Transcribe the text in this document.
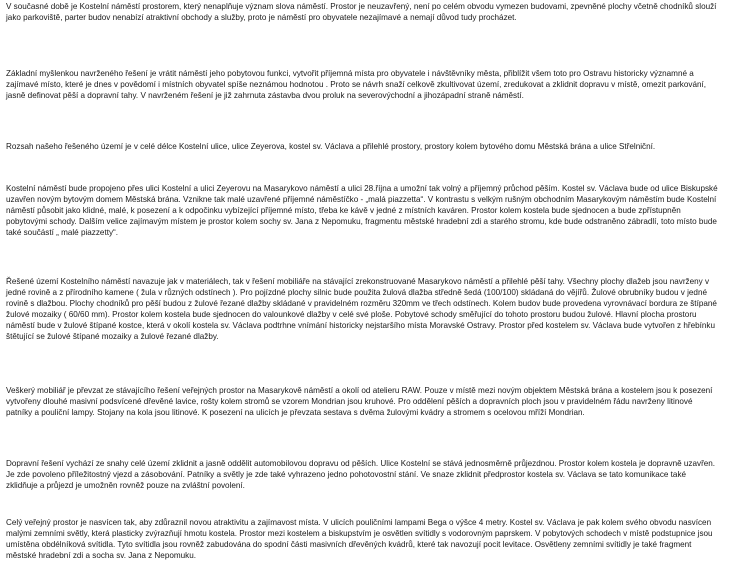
V současné době je Kostelní náměstí prostorem, který nenaplňuje význam slova náměstí. Prostor je neuzavřený, není po celém obvodu vymezen budovami, zpevněné plochy včetně chodníků slouží jako parkoviště, parter budov nenabízí atraktivní obchody a služby, proto je náměstí pro obyvatele nezajímavé a nemají důvod tudy procházet.

Základní myšlenkou navrženého řešení je vrátit náměstí jeho pobytovou funkci, vytvořit příjemná místa pro obyvatele i návštěvníky města, přiblížit všem toto pro Ostravu historicky významné a zajímavé místo, které je dnes v povědomí i místních obyvatel spíše neznámou hodnotou . Proto se návrh snaží celkově zkultivovat území, zredukovat a zklidnit dopravu v místě, omezit parkování, jasně definovat pěší a dopravní tahy. V navrženém řešení je již zahrnuta zástavba dvou proluk na severovýchodní a jihozápadní straně náměstí.

Rozsah našeho řešeného území je v celé délce Kostelní ulice, ulice Zeyerova, kostel sv. Václava a přilehlé prostory, prostory kolem bytového domu Městská brána a ulice Střelniční.

Kostelní náměstí bude propojeno přes ulici Kostelní a ulici Zeyerovu na Masarykovo náměstí a ulici 28.října a umožní tak volný a příjemný průchod pěším. Kostel sv. Václava bude od ulice Biskupské uzavřen novým bytovým domem Městská brána. Vznikne tak malé uzavřené příjemné náměstíčko - „malá piazzetta“. V kontrastu s velkým rušným obchodním Masarykovým náměstím bude Kostelní náměstí působit jako klidné, malé, k posezení a k odpočinku vybízející příjemné místo, třeba ke kávě v jedné z místních kaváren. Prostor kolem kostela bude sjednocen a bude zpřístupněn pobytovými schody. Dalším velice zajímavým místem je prostor kolem sochy sv. Jana z Nepomuku, fragmentu městské hradební zdi a starého stromu, kde bude odstraněno zábradlí, toto místo bude také součástí „ malé piazzetty“.

Řešené území Kostelního náměstí navazuje jak v materiálech, tak v řešení mobiliáře na stávající zrekonstruované Masarykovo náměstí a přilehlé pěší tahy. Všechny plochy dlažeb jsou navrženy v jedné rovině a z přírodního kamene ( žula v různých odstínech ). Pro pojízdné plochy silnic bude použita žulová dlažba středně šedá (100/100) skládaná do vějířů. Žulové obrubníky budou v jedné rovině s dlažbou. Plochy chodníků pro pěší budou z žulové řezané dlažby skládané v pravidelném rozměru 320mm ve třech odstínech. Kolem budov bude provedena vyrovnávací bordura ze štípané žulové mozaiky ( 60/60 mm). Prostor kolem kostela bude sjednocen do valounkové dlažby v celé své ploše. Pobytové schody směřující do tohoto prostoru budou žulové. Hlavní plocha prostoru náměstí bude v žulové štípané kostce, která v okolí kostela sv. Václava podtrhne vnímání historicky nejstaršího místa Moravské Ostravy. Prostor před kostelem sv. Václava bude vytvořen z hřebínku štětující se žulové štípané mozaiky a žulové řezané dlažby.

Veškerý mobiliář je převzat ze stávajícího řešení veřejných prostor na Masarykově náměstí a okolí od atelieru RAW. Pouze v místě mezi novým objektem Městská brána a kostelem jsou k posezení vytvořeny dlouhé masivní podsvícené dřevěné lavice, rošty kolem stromů se vzorem Mondrian jsou kruhové. Pro oddělení pěších a dopravních ploch jsou v pravidelném řádu navrženy litinové patníky a pouliční lampy. Stojany na kola jsou litinové. K posezení na ulicích je převzata sestava s dvěma žulovými kvádry a stromem s ocelovou mříží Mondrian.

Dopravní řešení vychází ze snahy celé území zklidnit a jasně oddělit automobilovou dopravu od pěších. Ulice Kostelní se stává jednosměrně průjezdnou. Prostor kolem kostela je dopravně uzavřen. Je zde povoleno příležitostný vjezd a zásobování. Patníky a světly je zde také vyhrazeno jedno pohotovostní stání. Ve snaze zklidnit předprostor kostela sv. Václava se tato komunikace také zklidňuje a průjezd je umožněn rovněž pouze na zvláštní povolení.

Celý veřejný prostor je nasvícen tak, aby zdůraznil novou atraktivitu a zajímavost místa. V ulicích pouličními lampami Bega o výšce 4 metry. Kostel sv. Václava je pak kolem svého obvodu nasvícen malými zemními světly, která plasticky zvýrazňují hmotu kostela. Prostor mezi kostelem a biskupstvím je osvětlen svítidly s vodorovným paprskem. V pobytových schodech v místě podstupnice jsou umístěna obdélníková svítidla. Tyto svítidla jsou rovněž zabudována do spodní části masivních dřevěných kvádrů, které tak navozují pocit levitace. Osvětleny zemními svítidly je také fragment městské hradební zdi a socha sv. Jana z Nepomuku.
